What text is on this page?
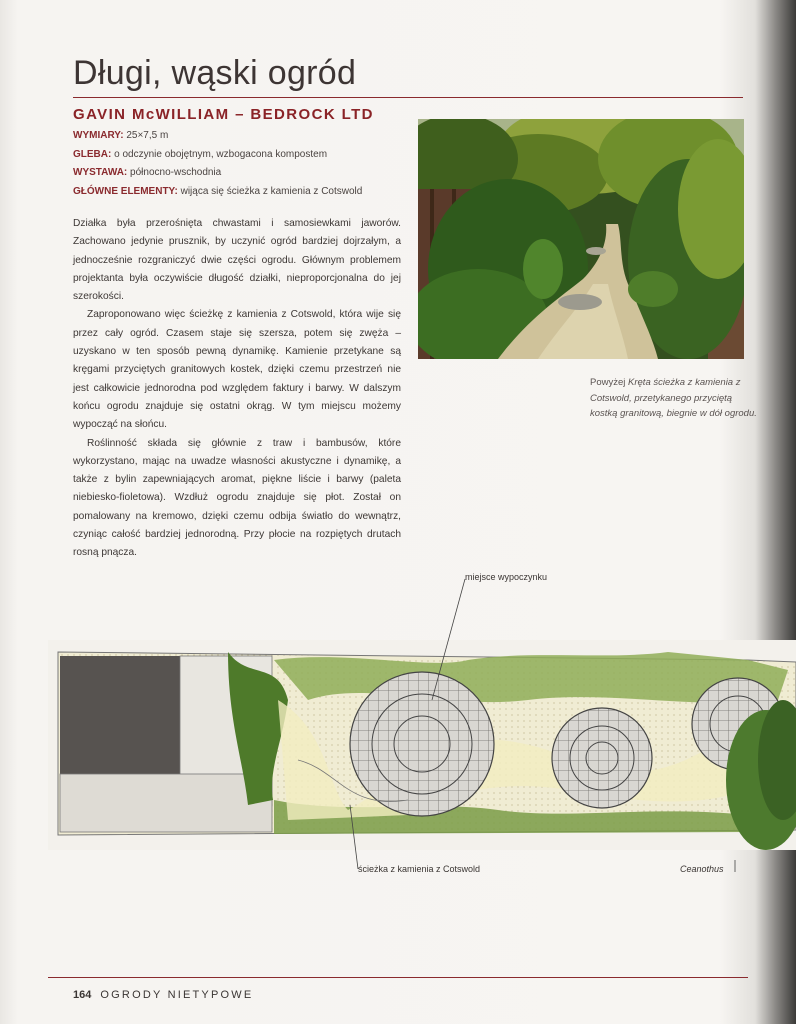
Długi, wąski ogród
GAVIN McWILLIAM – BEDROCK LTD
WYMIARY: 25×7,5 m
GLEBA: o odczynie obojętnym, wzbogacona kompostem
WYSTAWA: północno-wschodnia
GŁÓWNE ELEMENTY: wijąca się ścieżka z kamienia z Cotswold

Działka była przerośnięta chwastami i samosiewkami jaworów. Zachowano jedynie prusznik, by uczynić ogród bardziej dojrzałym, a jednocześnie rozgraniczyć dwie części ogrodu. Głównym problemem projektanta była oczywiście długość działki, nieproporcjonalna do jej szerokości.

Zaproponowano więc ścieżkę z kamienia z Cotswold, która wije się przez cały ogród. Czasem staje się szersza, potem się zwęża – uzyskano w ten sposób pewną dynamikę. Kamienie przetykane są kręgami przyciętych granitowych kostek, dzięki czemu przestrzeń nie jest całkowicie jednorodna pod względem faktury i barwy. W dalszym końcu ogrodu znajduje się ostatni okrąg. W tym miejscu możemy wypocząć na słońcu.

Roślinność składa się głównie z traw i bambusów, które wykorzystano, mając na uwadze własności akustyczne i dynamikę, a także z bylin zapewniających aromat, piękne liście i barwy (paleta niebiesko-fioletowa). Wzdłuż ogrodu znajduje się płot. Został on pomalowany na kremowo, dzięki czemu odbija światło do wewnątrz, czyniąc całość bardziej jednorodną. Przy płocie na rozpiętych drutach rosną pnącza.

Powyżej Kręta ścieżka z kamienia z Cotswold, przetykanego przyciętą kostką granitową, biegnie w dół ogrodu.
miejsce wypoczynku
ścieżka z kamienia z Cotswold	Ceanothus
164 OGRODY NIETYPOWE
